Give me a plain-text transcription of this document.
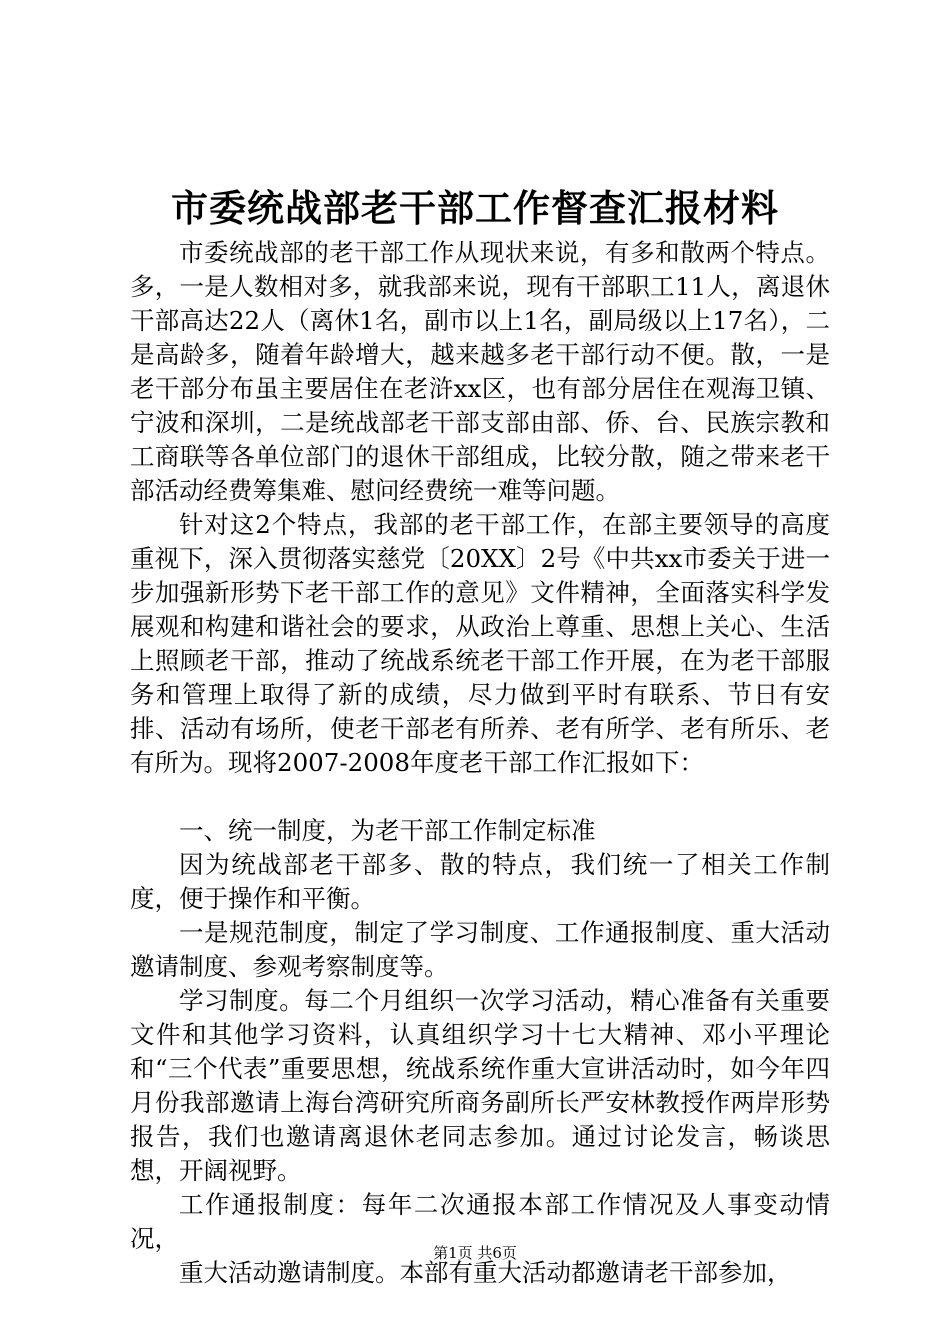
市委统战部老干部工作督查汇报材料

市委统战部的老干部工作从现状来说，有多和散两个特点。多，一是人数相对多，就我部来说，现有干部职工11人，离退休干部高达22人（离休1名，副市以上1名，副局级以上17名），二是高龄多，随着年龄增大，越来越多老干部行动不便。散，一是老干部分布虽主要居住在老浒xx区，也有部分居住在观海卫镇、宁波和深圳，二是统战部老干部支部由部、侨、台、民族宗教和工商联等各单位部门的退休干部组成，比较分散，随之带来老干部活动经费筹集难、慰问经费统一难等问题。

针对这2个特点，我部的老干部工作，在部主要领导的高度重视下，深入贯彻落实慈党〔20XX〕2号《中共xx市委关于进一步加强新形势下老干部工作的意见》文件精神，全面落实科学发展观和构建和谐社会的要求，从政治上尊重、思想上关心、生活上照顾老干部，推动了统战系统老干部工作开展，在为老干部服务和管理上取得了新的成绩，尽力做到平时有联系、节日有安排、活动有场所，使老干部老有所养、老有所学、老有所乐、老有所为。现将2007-2008年度老干部工作汇报如下：

一、统一制度，为老干部工作制定标准

因为统战部老干部多、散的特点，我们统一了相关工作制度，便于操作和平衡。

一是规范制度，制定了学习制度、工作通报制度、重大活动邀请制度、参观考察制度等。

学习制度。每二个月组织一次学习活动，精心准备有关重要文件和其他学习资料，认真组织学习十七大精神、邓小平理论和“三个代表”重要思想，统战系统作重大宣讲活动时，如今年四月份我部邀请上海台湾研究所商务副所长严安林教授作两岸形势报告，我们也邀请离退休老同志参加。通过讨论发言，畅谈思想，开阔视野。

工作通报制度：每年二次通报本部工作情况及人事变动情况，

重大活动邀请制度。本部有重大活动都邀请老干部参加，

第1页 共6页
